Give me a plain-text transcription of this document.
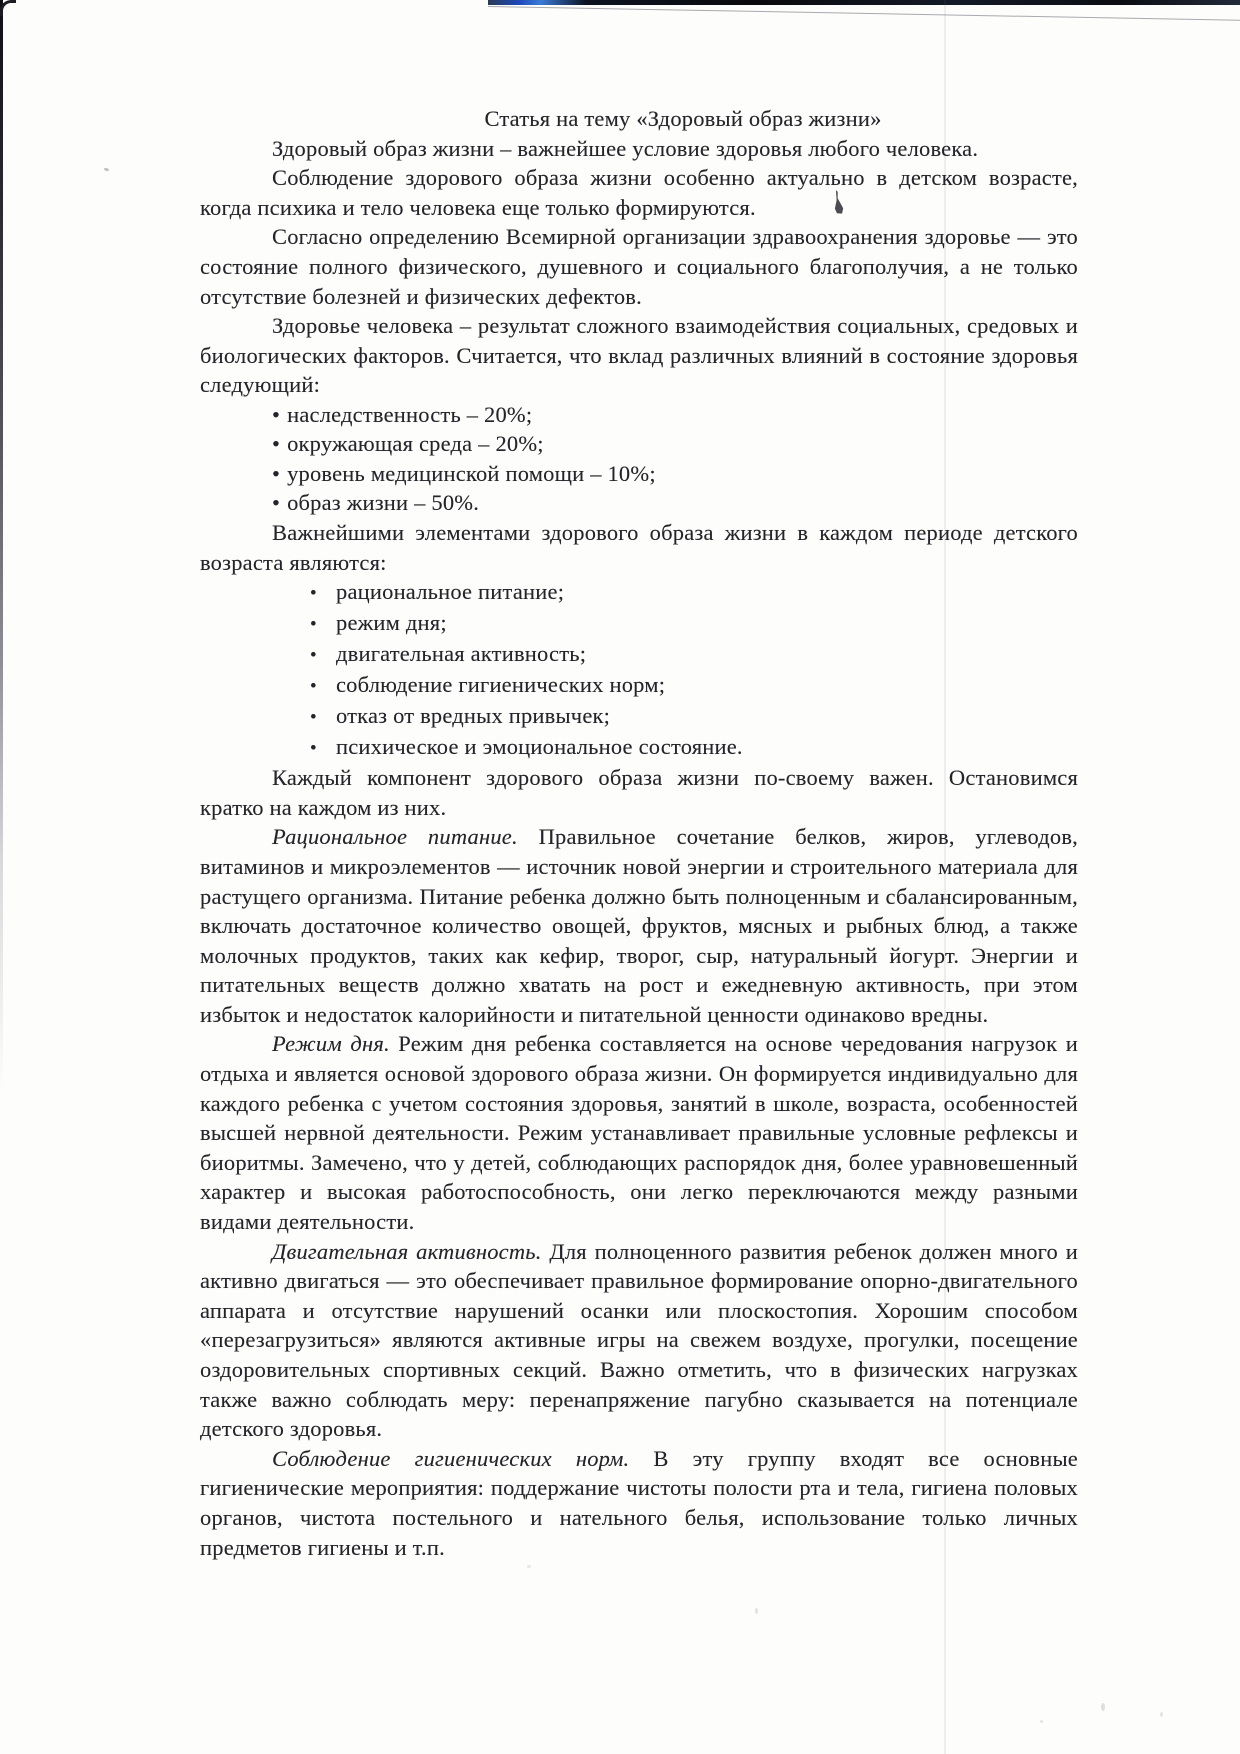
Статья на тему «Здоровый образ жизни»

Здоровый образ жизни – важнейшее условие здоровья любого человека.

Соблюдение здорового образа жизни особенно актуально в детском возрасте, когда психика и тело человека еще только формируются.

Согласно определению Всемирной организации здравоохранения здоровье — это состояние полного физического, душевного и социального благополучия, а не только отсутствие болезней и физических дефектов.

Здоровье человека – результат сложного взаимодействия социальных, средовых и биологических факторов. Считается, что вклад различных влияний в состояние здоровья следующий:

• наследственность – 20%;
• окружающая среда – 20%;
• уровень медицинской помощи – 10%;
• образ жизни – 50%.

Важнейшими элементами здорового образа жизни в каждом периоде детского возраста являются:

• рациональное питание;
• режим дня;
• двигательная активность;
• соблюдение гигиенических норм;
• отказ от вредных привычек;
• психическое и эмоциональное состояние.

Каждый компонент здорового образа жизни по-своему важен. Остановимся кратко на каждом из них.

Рациональное питание. Правильное сочетание белков, жиров, углеводов, витаминов и микроэлементов — источник новой энергии и строительного материала для растущего организма. Питание ребенка должно быть полноценным и сбалансированным, включать достаточное количество овощей, фруктов, мясных и рыбных блюд, а также молочных продуктов, таких как кефир, творог, сыр, натуральный йогурт. Энергии и питательных веществ должно хватать на рост и ежедневную активность, при этом избыток и недостаток калорийности и питательной ценности одинаково вредны.

Режим дня. Режим дня ребенка составляется на основе чередования нагрузок и отдыха и является основой здорового образа жизни. Он формируется индивидуально для каждого ребенка с учетом состояния здоровья, занятий в школе, возраста, особенностей высшей нервной деятельности. Режим устанавливает правильные условные рефлексы и биоритмы. Замечено, что у детей, соблюдающих распорядок дня, более уравновешенный характер и высокая работоспособность, они легко переключаются между разными видами деятельности.

Двигательная активность. Для полноценного развития ребенок должен много и активно двигаться — это обеспечивает правильное формирование опорно-двигательного аппарата и отсутствие нарушений осанки или плоскостопия. Хорошим способом «перезагрузиться» являются активные игры на свежем воздухе, прогулки, посещение оздоровительных спортивных секций. Важно отметить, что в физических нагрузках также важно соблюдать меру: перенапряжение пагубно сказывается на потенциале детского здоровья.

Соблюдение гигиенических норм. В эту группу входят все основные гигиенические мероприятия: поддержание чистоты полости рта и тела, гигиена половых органов, чистота постельного и нательного белья, использование только личных предметов гигиены и т.п.
